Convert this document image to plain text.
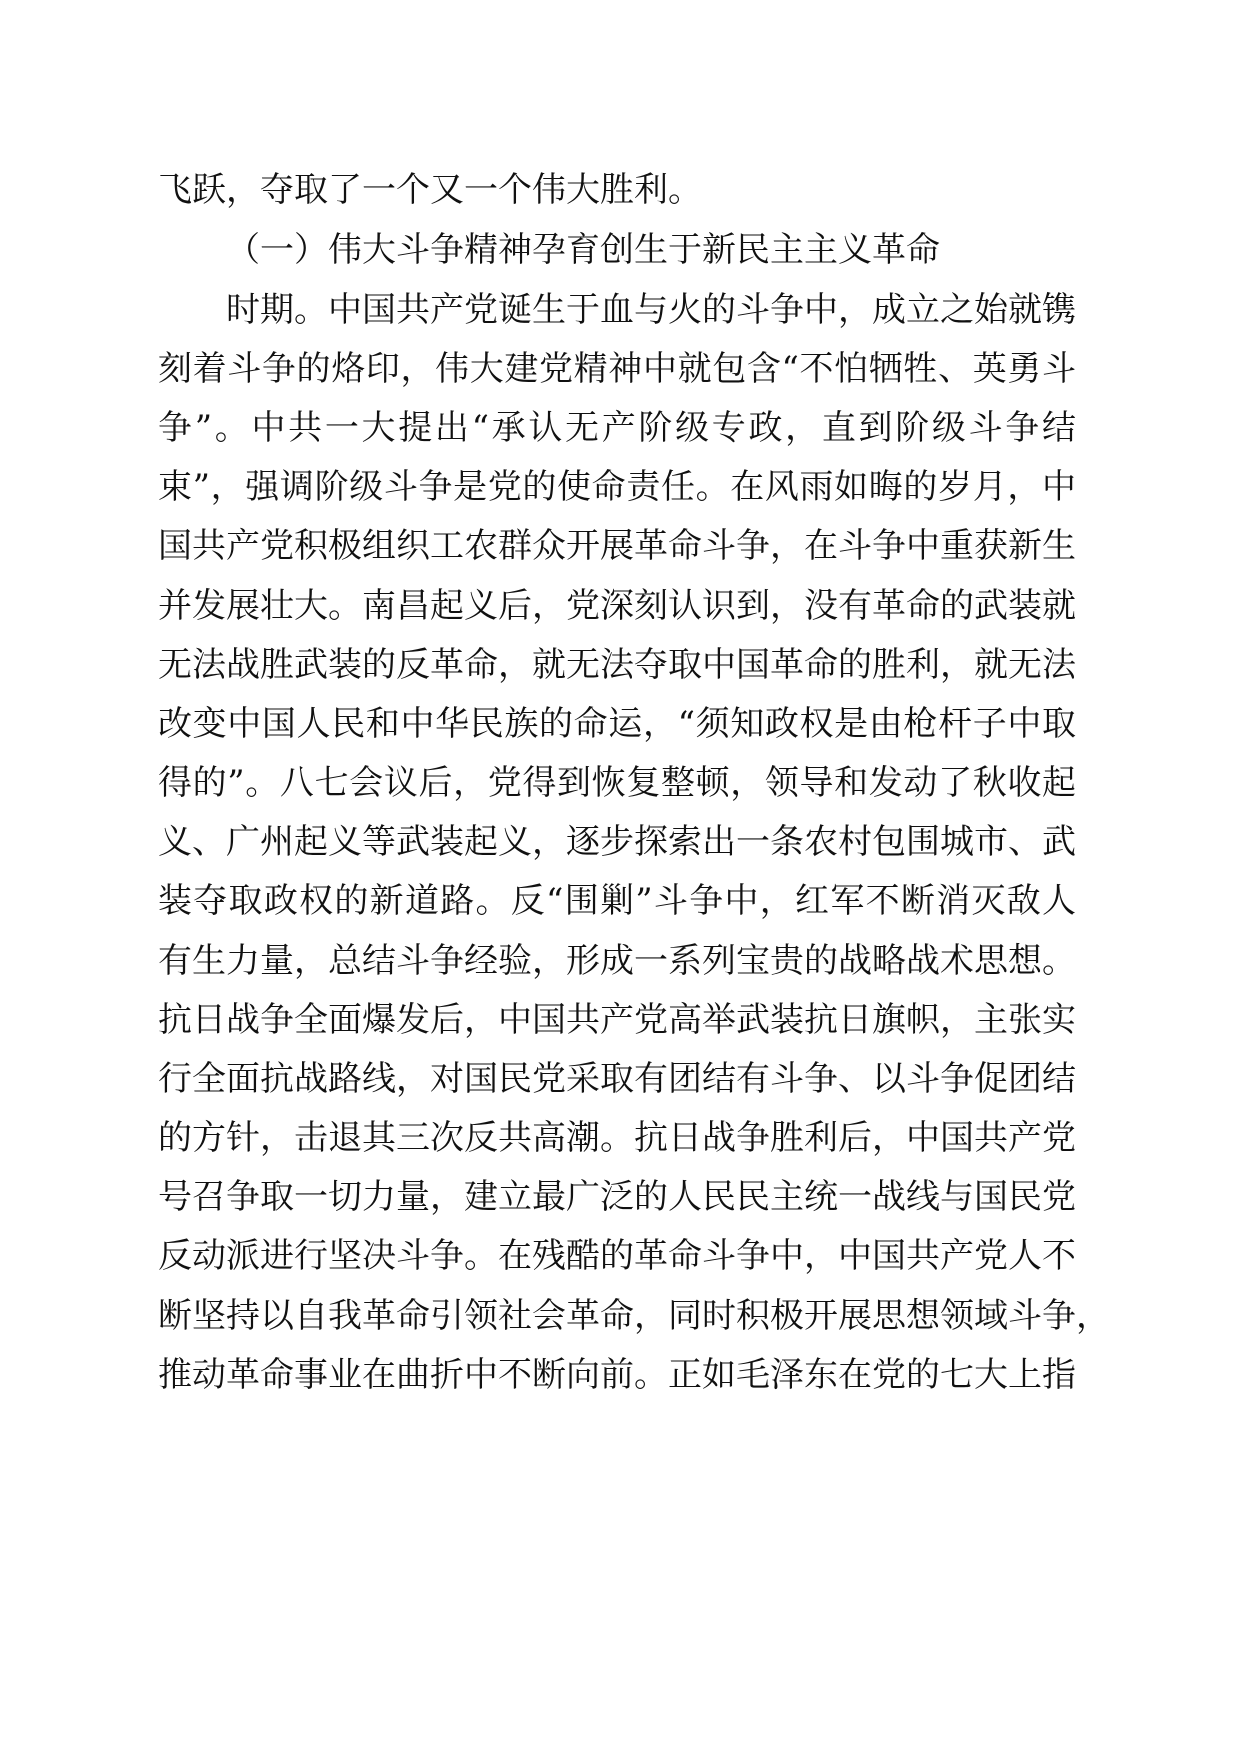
飞跃，夺取了一个又一个伟大胜利。
（一）伟大斗争精神孕育创生于新民主主义革命
时期。中国共产党诞生于血与火的斗争中，成立之始就镌
刻着斗争的烙印，伟大建党精神中就包含“不怕牺牲、英勇斗
争”。中共一大提出“承认无产阶级专政，直到阶级斗争结
束”，强调阶级斗争是党的使命责任。在风雨如晦的岁月，中
国共产党积极组织工农群众开展革命斗争，在斗争中重获新生
并发展壮大。南昌起义后，党深刻认识到，没有革命的武装就
无法战胜武装的反革命，就无法夺取中国革命的胜利，就无法
改变中国人民和中华民族的命运，“须知政权是由枪杆子中取
得的”。八七会议后，党得到恢复整顿，领导和发动了秋收起
义、广州起义等武装起义，逐步探索出一条农村包围城市、武
装夺取政权的新道路。反“围剿”斗争中，红军不断消灭敌人
有生力量，总结斗争经验，形成一系列宝贵的战略战术思想。
抗日战争全面爆发后，中国共产党高举武装抗日旗帜，主张实
行全面抗战路线，对国民党采取有团结有斗争、以斗争促团结
的方针，击退其三次反共高潮。抗日战争胜利后，中国共产党
号召争取一切力量，建立最广泛的人民民主统一战线与国民党
反动派进行坚决斗争。在残酷的革命斗争中，中国共产党人不
断坚持以自我革命引领社会革命，同时积极开展思想领域斗争，
推动革命事业在曲折中不断向前。正如毛泽东在党的七大上指
